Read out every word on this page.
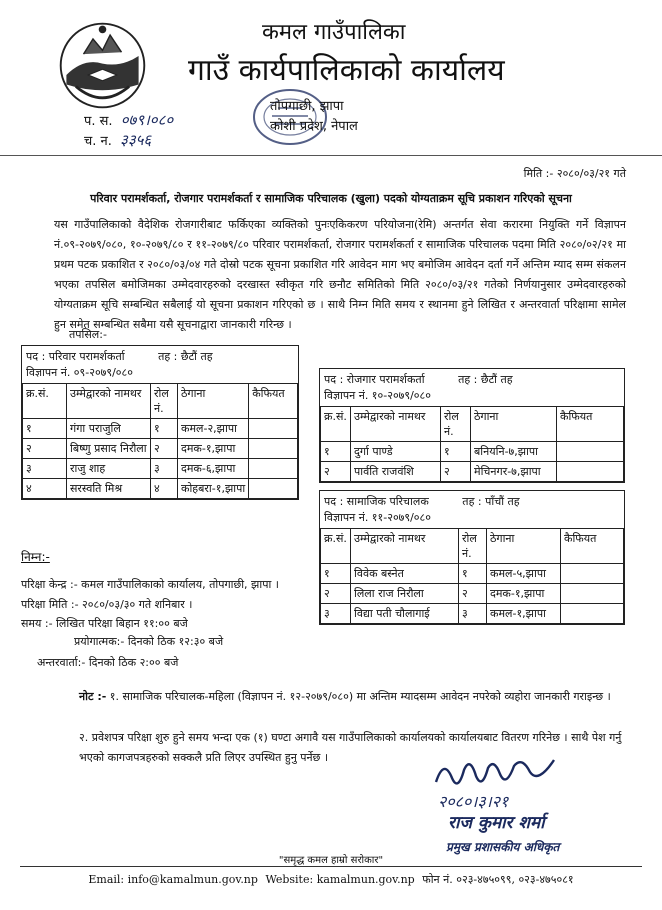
कमल गाउँपालिका
गाउँ कार्यपालिकाको कार्यालय
तोपगाछी, झापा
कोशी प्रदेश, नेपाल
प. स. ०७९।०८०
च. न. ३३५६
मिति :- २०८०/०३/२१ गते
परिवार परामर्शकर्ता, रोजगार परामर्शकर्ता र सामाजिक परिचालक (खुला) पदको योग्यताक्रम सूचि प्रकाशन गरिएको सूचना
यस गाउँपालिकाको वैदेशिक रोजगारीबाट फर्किएका व्यक्तिको पुनःएकिकरण परियोजना(रेमि) अन्तर्गत सेवा करारमा नियुक्ति गर्ने विज्ञापन नं.०९-२०७९/०८०, १०-२०७९/८० र ११-२०७९/८० परिवार परामर्शकर्ता, रोजगार परामर्शकर्ता र सामाजिक परिचालक पदमा मिति २०८०/०२/२१ मा प्रथम पटक प्रकाशित र २०८०/०३/०४ गते दोस्रो पटक सूचना प्रकाशित गरि आवेदन माग भए बमोजिम आवेदन दर्ता गर्ने अन्तिम म्याद सम्म संकलन भएका तपसिल बमोजिमका उम्मेदवारहरुको दरखास्त स्वीकृत गरि छनौट समितिको मिति २०८०/०३/२१ गतेको निर्णयानुसार उम्मेदवारहरुको योग्यताक्रम सूचि सम्बन्धित सबैलाई यो सूचना प्रकाशन गरिएको छ । साथै निम्न मिति समय र स्थानमा हुने लिखित र अन्तरवार्ता परिक्षामा सामेल हुन समेत सम्बन्धित सबैमा यसै सूचनाद्वारा जानकारी गरिन्छ ।
तपसिल:-
पद : परिवार परामर्शकर्ता	तह : छैटौं तह
विज्ञापन नं. ०९-२०७९/०८०
क्र.सं.	उम्मेद्वारको नामथर	रोल नं.	ठेगाना	कैफियत
१	गंगा पराजुलि	१	कमल-२,झापा	
२	बिष्णु प्रसाद निरौला	२	दमक-१,झापा	
३	राजु शाह	३	दमक-६,झापा	
४	सरस्वति मिश्र	४	कोहबरा-१,झापा	
पद : रोजगार परामर्शकर्ता	तह : छैटौं तह
विज्ञापन नं. १०-२०७९/०८०
क्र.सं.	उम्मेद्वारको नामथर	रोल नं.	ठेगाना	कैफियत
१	दुर्गा पाण्डे	१	बनियनि-७,झापा	
२	पार्वति राजवंशि	२	मेचिनगर-७,झापा	
पद : सामाजिक परिचालक	तह : पाँचौं तह
विज्ञापन नं. ११-२०७९/०८०
क्र.सं.	उम्मेद्वारको नामथर	रोल नं.	ठेगाना	कैफियत
१	विवेक बस्नेत	१	कमल-५,झापा	
२	लिला राज निरौला	२	दमक-१,झापा	
३	विद्या पती चौलागाई	३	कमल-१,झापा	
निम्न:-
परिक्षा केन्द्र :- कमल गाउँपालिकाको कार्यालय, तोपगाछी, झापा ।
परिक्षा मिति :- २०८०/०३/३० गते शनिबार ।
समय :- लिखित परिक्षा बिहान ११:०० बजे
प्रयोगात्मक:- दिनको ठिक १२:३० बजे
अन्तरवार्ता:- दिनको ठिक २:०० बजे
नोट :- १. सामाजिक परिचालक-महिला (विज्ञापन नं. १२-२०७९/०८०) मा अन्तिम म्यादसम्म आवेदन नपरेको व्यहोरा जानकारी गराइन्छ ।
२. प्रवेशपत्र परिक्षा शुरु हुने समय भन्दा एक (१) घण्टा अगावै यस गाउँपालिकाको कार्यालयको कार्यालयबाट वितरण गरिनेछ । साथै पेश गर्नु भएको कागजपत्रहरुको सक्कलै प्रति लिएर उपस्थित हुनु पर्नेछ ।
२०८०।३।२१
राज कुमार शर्मा
प्रमुख प्रशासकीय अधिकृत
"समृद्ध कमल हाम्रो सरोकार"
Email: info@kamalmun.gov.np Website: kamalmun.gov.np फोन नं. ०२३-४७५०९९, ०२३-४७५०८१
